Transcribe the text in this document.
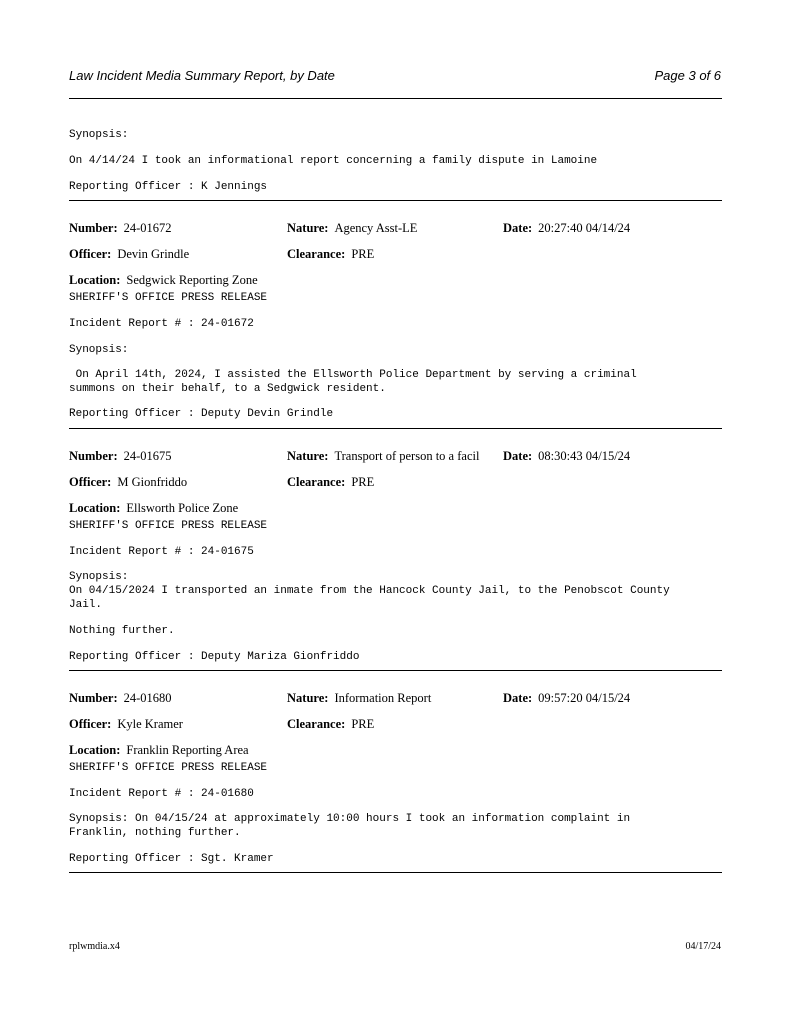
Law Incident Media Summary Report, by Date	Page 3 of 6
Synopsis:
On 4/14/24 I took an informational report concerning a family dispute in Lamoine
Reporting Officer : K Jennings
Number: 24-01672	Nature: Agency Asst-LE	Date: 20:27:40 04/14/24
Officer: Devin Grindle	Clearance: PRE
Location: Sedgwick Reporting Zone
SHERIFF'S OFFICE PRESS RELEASE
Incident Report # : 24-01672
Synopsis:
On April 14th, 2024, I assisted the Ellsworth Police Department by serving a criminal
summons on their behalf, to a Sedgwick resident.
Reporting Officer : Deputy Devin Grindle
Number: 24-01675	Nature: Transport of person to a facil Date: 08:30:43 04/15/24
Officer: M Gionfriddo	Clearance: PRE
Location: Ellsworth Police Zone
SHERIFF'S OFFICE PRESS RELEASE
Incident Report # : 24-01675
Synopsis:
On 04/15/2024 I transported an inmate from the Hancock County Jail, to the Penobscot County
Jail.
Nothing further.
Reporting Officer : Deputy Mariza Gionfriddo
Number: 24-01680	Nature: Information Report	Date: 09:57:20 04/15/24
Officer: Kyle Kramer	Clearance: PRE
Location: Franklin Reporting Area
SHERIFF'S OFFICE PRESS RELEASE
Incident Report # : 24-01680
Synopsis: On 04/15/24 at approximately 10:00 hours I took an information complaint in
Franklin, nothing further.
Reporting Officer : Sgt. Kramer
rplwmdia.x4	04/17/24
